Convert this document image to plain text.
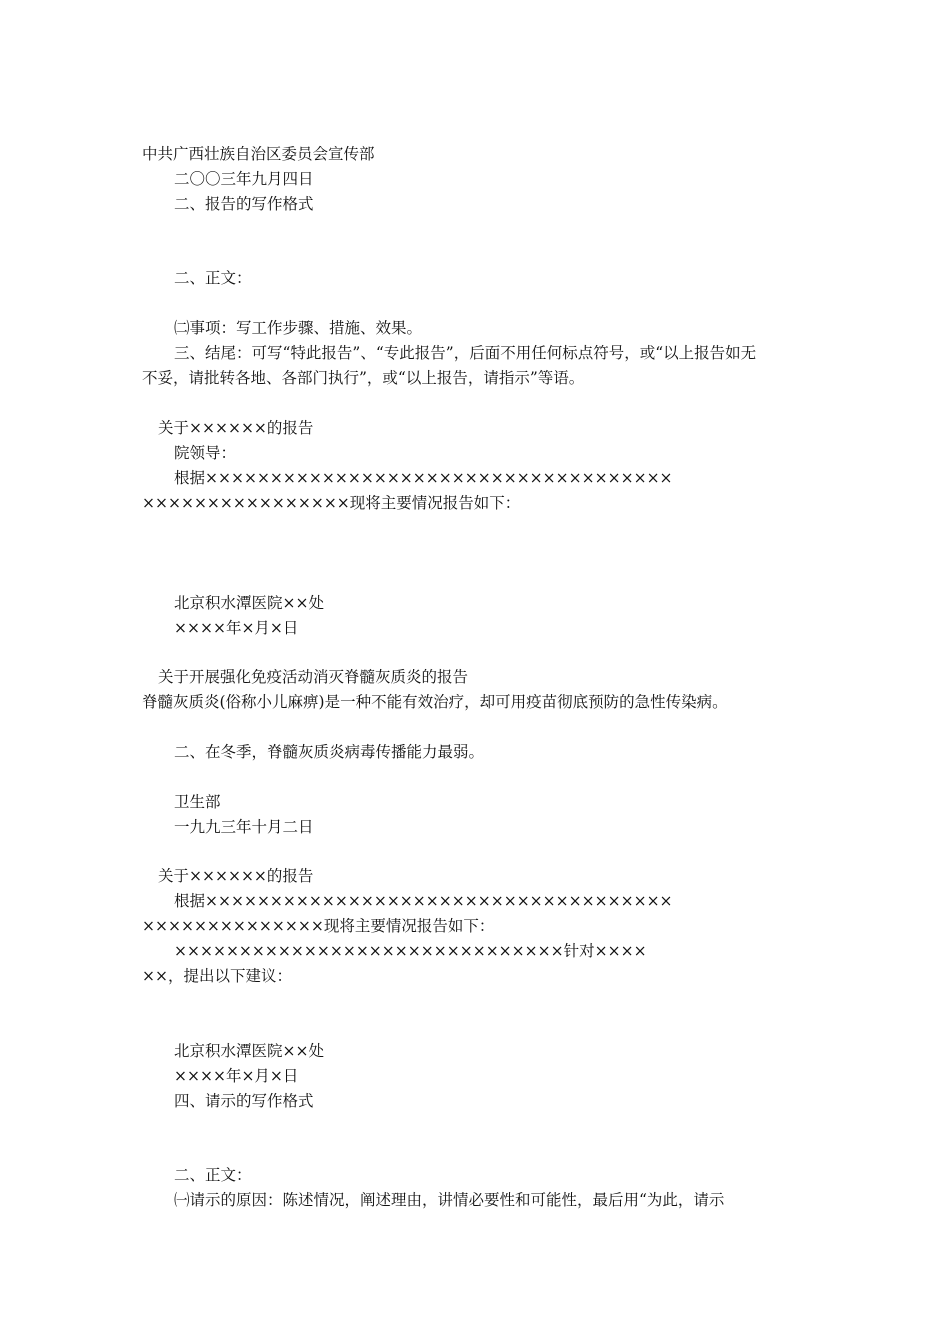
中共广西壮族自治区委员会宣传部
二〇〇三年九月四日
二、报告的写作格式
二、正文：
㈡事项：写工作步骤、措施、效果。
三、结尾：可写“特此报告”、“专此报告”，后面不用任何标点符号，或“以上报告如无
不妥，请批转各地、各部门执行”，或“以上报告，请指示”等语。
关于××××××的报告
院领导：
根据××××××××××××××××××××××××××××××××××××
××××××××××××××××现将主要情况报告如下：
北京积水潭医院××处
××××年×月×日
关于开展强化免疫活动消灭脊髓灰质炎的报告
脊髓灰质炎(俗称小儿麻痹)是一种不能有效治疗，却可用疫苗彻底预防的急性传染病。
二、在冬季，脊髓灰质炎病毒传播能力最弱。
卫生部
一九九三年十月二日
关于××××××的报告
根据××××××××××××××××××××××××××××××××××××
××××××××××××××现将主要情况报告如下：
××××××××××××××××××××××××××××××针对××××
××，提出以下建议：
北京积水潭医院××处
××××年×月×日
四、请示的写作格式
二、正文：
㈠请示的原因：陈述情况，阐述理由，讲情必要性和可能性，最后用“为此，请示
